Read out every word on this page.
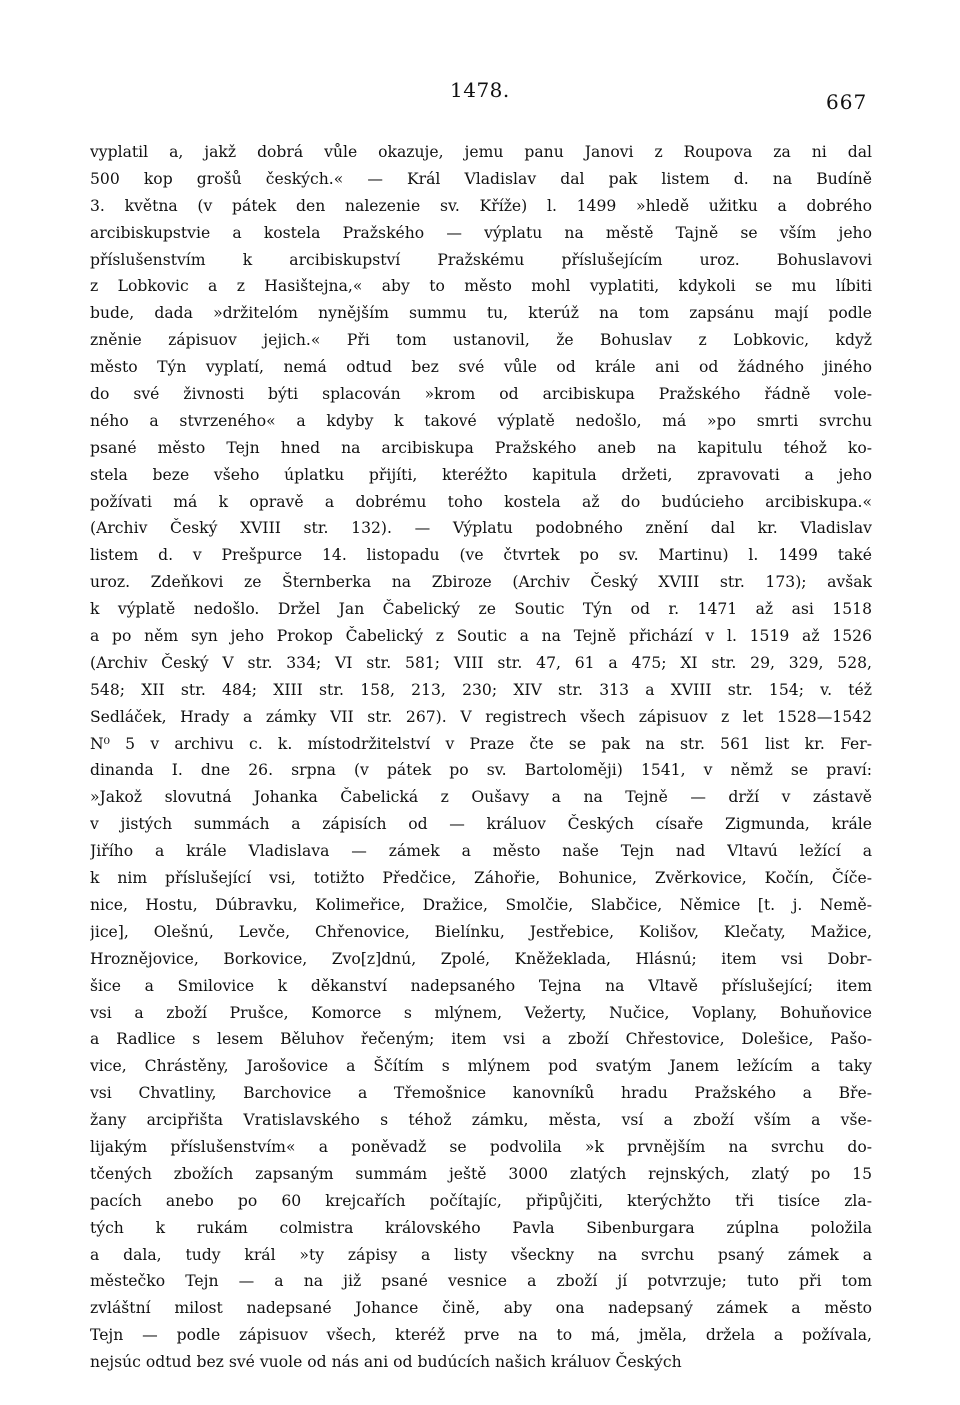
1478.	667
vyplatil a, jakž dobrá vůle okazuje, jemu panu Janovi z Roupova za ni dal
500 kop grošů českých.« — Král Vladislav dal pak listem d. na Budíně
3. května (v pátek den nalezenie sv. Kříže) l. 1499 »hledě užitku a dobrého
arcibiskupstvie a kostela Pražského — výplatu na městě Tajně se vším jeho
příslušenstvím k arcibiskupství Pražskému příslušejícím uroz. Bohuslavovi
z Lobkovic a z Hasištejna,« aby to město mohl vyplatiti, kdykoli se mu líbiti
bude, dada »držitelóm nynějším summu tu, kterúž na tom zapsánu mají podle
zněnie zápisuov jejich.« Při tom ustanovil, že Bohuslav z Lobkovic, když
město Týn vyplatí, nemá odtud bez své vůle od krále ani od žádného jiného
do své živnosti býti splacován »krom od arcibiskupa Pražského řádně vole-
ného a stvrzeného« a kdyby k takové výplatě nedošlo, má »po smrti svrchu
psané město Tejn hned na arcibiskupa Pražského aneb na kapitulu téhož ko-
stela beze všeho úplatku přijíti, kteréžto kapitula držeti, zpravovati a jeho
požívati má k opravě a dobrému toho kostela až do budúcieho arcibiskupa.«
(Archiv Český XVIII str. 132). — Výplatu podobného znění dal kr. Vladislav
listem d. v Prešpurce 14. listopadu (ve čtvrtek po sv. Martinu) l. 1499 také
uroz. Zdeňkovi ze Šternberka na Zbiroze (Archiv Český XVIII str. 173); avšak
k výplatě nedošlo. Držel Jan Čabelický ze Soutic Týn od r. 1471 až asi 1518
a po něm syn jeho Prokop Čabelický z Soutic a na Tejně přichází v l. 1519 až 1526
(Archiv Český V str. 334; VI str. 581; VIII str. 47, 61 a 475; XI str. 29, 329, 528,
548; XII str. 484; XIII str. 158, 213, 230; XIV str. 313 a XVIII str. 154; v. též
Sedláček, Hrady a zámky VII str. 267). V registrech všech zápisuov z let 1528—1542
N⁰ 5 v archivu c. k. místodržitelství v Praze čte se pak na str. 561 list kr. Fer-
dinanda I. dne 26. srpna (v pátek po sv. Bartoloměji) 1541, v němž se praví:
»Jakož slovutná Johanka Čabelická z Oušavy a na Tejně — drží v zástavě
v jistých summách a zápisích od — králuov Českých císaře Zigmunda, krále
Jiřího a krále Vladislava — zámek a město naše Tejn nad Vltavú ležící a
k nim příslušející vsi, totižto Předčice, Záhořie, Bohunice, Zvěrkovice, Kočín, Číče-
nice, Hostu, Dúbravku, Kolimeřice, Dražice, Smolčie, Slabčice, Němice [t. j. Nemě-
jice], Olešnú, Levče, Chřenovice, Bielínku, Jestřebice, Kolišov, Klečaty, Mažice,
Hroznějovice, Borkovice, Zvo[z]dnú, Zpolé, Kněžeklada, Hlásnú; item vsi Dobr-
šice a Smilovice k děkanství nadepsaného Tejna na Vltavě příslušející; item
vsi a zboží Prušce, Komorce s mlýnem, Vežerty, Nučice, Voplany, Bohuňovice
a Radlice s lesem Běluhov řečeným; item vsi a zboží Chřestovice, Dolešice, Pašo-
vice, Chrástěny, Jarošovice a Ščítím s mlýnem pod svatým Janem ležícím a taky
vsi Chvatliny, Barchovice a Třemošnice kanovníků hradu Pražského a Bře-
žany arcipřišta Vratislavského s téhož zámku, města, vsí a zboží vším a vše-
lijakým příslušenstvím« a poněvadž se podvolila »k prvnějším na svrchu do-
tčených zbožích zapsaným summám ještě 3000 zlatých rejnských, zlatý po 15
pacích anebo po 60 krejcařích počítajíc, připůjčiti, kterýchžto tři tisíce zla-
tých k rukám colmistra královského Pavla Sibenburgara zúplna položila
a dala, tudy král »ty zápisy a listy všeckny na svrchu psaný zámek a
městečko Tejn — a na již psané vesnice a zboží jí potvrzuje; tuto při tom
zvláštní milost nadepsané Johance čině, aby ona nadepsaný zámek a město
Tejn — podle zápisuov všech, kteréž prve na to má, jměla, držela a požívala,
nejsúc odtud bez své vuole od nás ani od budúcích našich králuov Českých
